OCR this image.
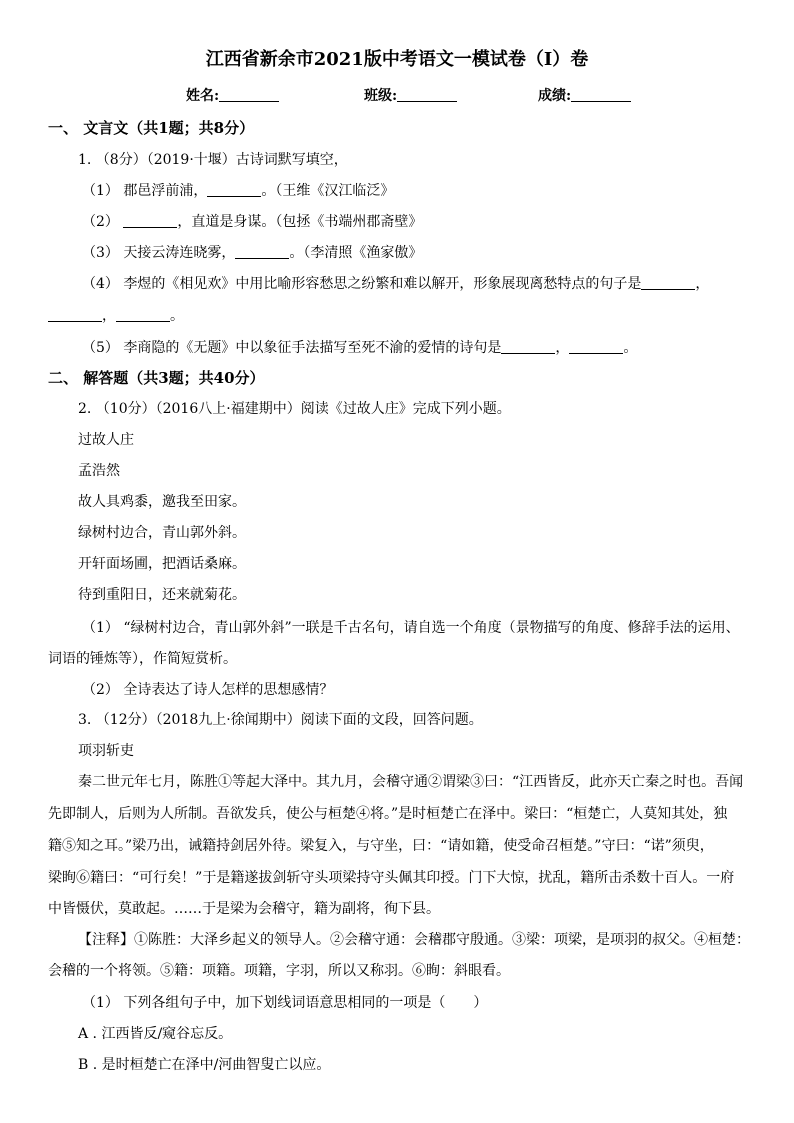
江西省新余市2021版中考语文一模试卷（I）卷
姓名:	班级:	成绩:
一、 文言文（共1题；共8分）
1. （8分）（2019·十堰）古诗词默写填空，
（1） 郡邑浮前浦，	。（王维《汉江临泛》
（2）	，直道是身谋。（包拯《书端州郡斋壁》
（3） 天接云涛连晓雾，	。（李清照《渔家傲》
（4） 李煜的《相见欢》中用比喻形容愁思之纷繁和难以解开，形象展现离愁特点的句子是	，
，	。
（5） 李商隐的《无题》中以象征手法描写至死不渝的爱情的诗句是	，	。
二、 解答题（共3题；共40分）
2. （10分）（2016八上·福建期中）阅读《过故人庄》完成下列小题。
过故人庄
孟浩然
故人具鸡黍，邀我至田家。
绿树村边合，青山郭外斜。
开轩面场圃，把酒话桑麻。
待到重阳日，还来就菊花。
（1） “绿树村边合，青山郭外斜”一联是千古名句，请自选一个角度（景物描写的角度、修辞手法的运用、
词语的锤炼等），作简短赏析。
（2） 全诗表达了诗人怎样的思想感情？
3. （12分）（2018九上·徐闻期中）阅读下面的文段，回答问题。
项羽斩吏
秦二世元年七月，陈胜①等起大泽中。其九月，会稽守通②谓梁③曰：“江西皆反，此亦天亡秦之时也。吾闻
先即制人，后则为人所制。吾欲发兵，使公与桓楚④将。”是时桓楚亡在泽中。梁曰：“桓楚亡，人莫知其处，独
籍⑤知之耳。”梁乃出，诫籍持剑居外待。梁复入，与守坐，曰：“请如籍，使受命召桓楚。”守曰：“诺”须臾，
梁眴⑥籍曰：“可行矣！”于是籍遂拔剑斩守头项梁持守头佩其印授。门下大惊，扰乱，籍所击杀数十百人。一府
中皆慑伏，莫敢起。……于是梁为会稽守，籍为副将，徇下县。
【注释】①陈胜：大泽乡起义的领导人。②会稽守通：会稽郡守殷通。③梁：项梁，是项羽的叔父。④桓楚：
会稽的一个将领。⑤籍：项籍。项籍，字羽，所以又称羽。⑥眴：斜眼看。
（1） 下列各组句子中，加下划线词语意思相同的一项是（　　）
A . 江西皆反/窥谷忘反。
B . 是时桓楚亡在泽中/河曲智叟亡以应。
